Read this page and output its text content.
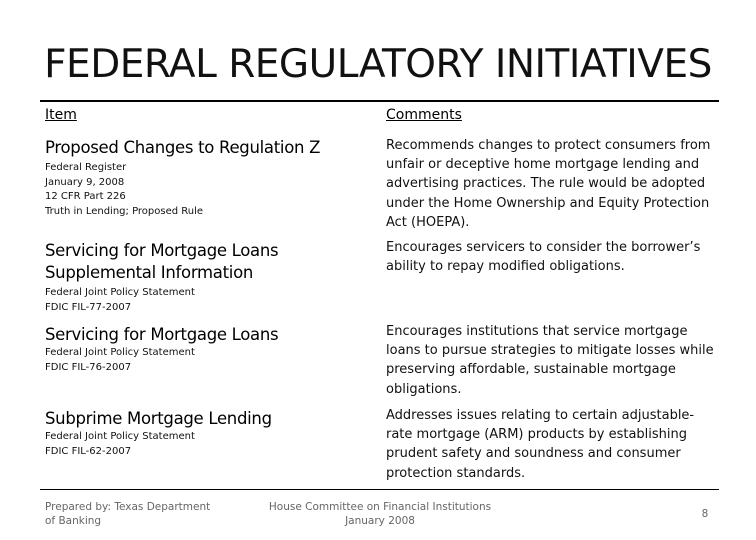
FEDERAL REGULATORY INITIATIVES
Item	Comments
Proposed Changes to Regulation Z
Federal Register
January 9, 2008
12 CFR Part 226
Truth in Lending; Proposed Rule
Recommends changes to protect consumers from
unfair or deceptive home mortgage lending and
advertising practices. The rule would be adopted
under the Home Ownership and Equity Protection
Act (HOEPA).
Servicing for Mortgage Loans
Supplemental Information
Federal Joint Policy Statement
FDIC FIL-77-2007
Encourages servicers to consider the borrower’s
ability to repay modified obligations.
Servicing for Mortgage Loans
Federal Joint Policy Statement
FDIC FIL-76-2007
Encourages institutions that service mortgage
loans to pursue strategies to mitigate losses while
preserving affordable, sustainable mortgage
obligations.
Subprime Mortgage Lending
Federal Joint Policy Statement
FDIC FIL-62-2007
Addresses issues relating to certain adjustable-
rate mortgage (ARM) products by establishing
prudent safety and soundness and consumer
protection standards.
Prepared by: Texas Department
of Banking
House Committee on Financial Institutions
January 2008
8
